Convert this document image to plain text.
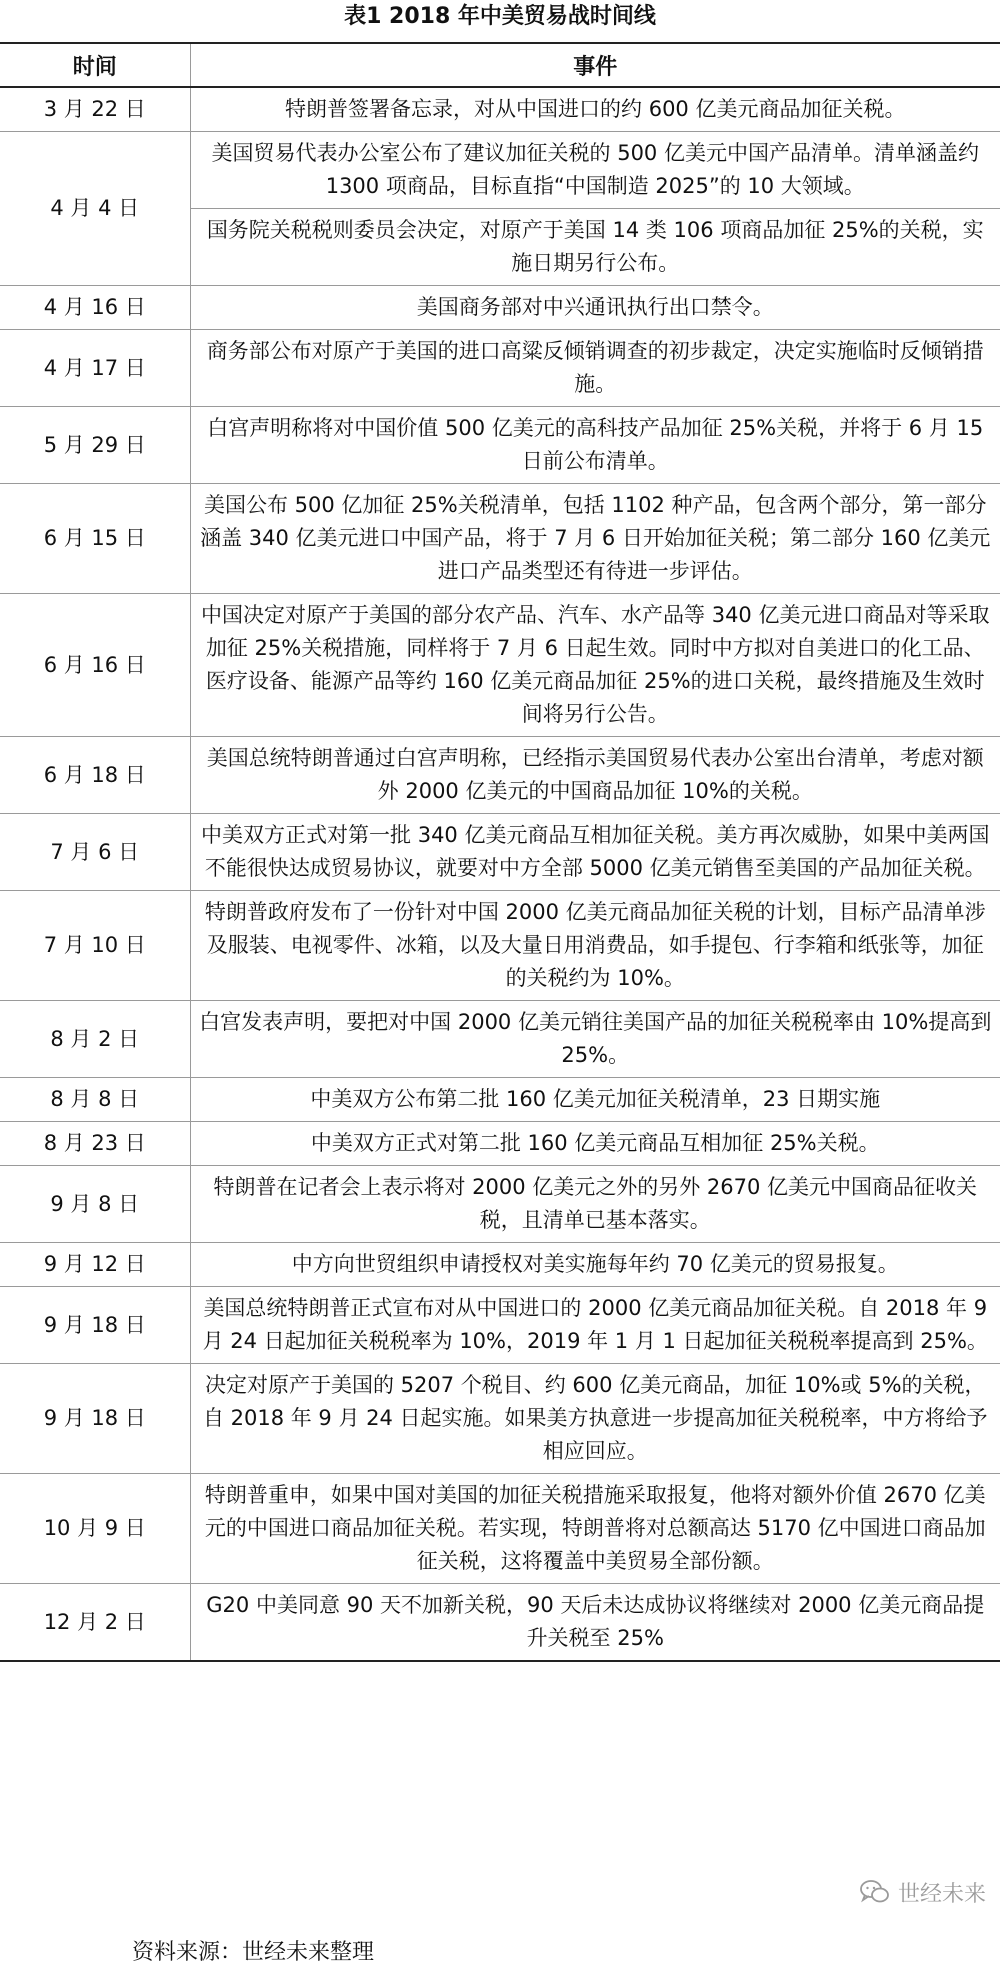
表1 2018 年中美贸易战时间线
时间	事件
3 月 22 日	特朗普签署备忘录，对从中国进口的约 600 亿美元商品加征关税。
4 月 4 日	美国贸易代表办公室公布了建议加征关税的 500 亿美元中国产品清单。清单涵盖约 1300 项商品，目标直指“中国制造 2025”的 10 大领域。
	国务院关税税则委员会决定，对原产于美国 14 类 106 项商品加征 25%的关税，实施日期另行公布。
4 月 16 日	美国商务部对中兴通讯执行出口禁令。
4 月 17 日	商务部公布对原产于美国的进口高粱反倾销调查的初步裁定，决定实施临时反倾销措施。
5 月 29 日	白宫声明称将对中国价值 500 亿美元的高科技产品加征 25%关税，并将于 6 月 15 日前公布清单。
6 月 15 日	美国公布 500 亿加征 25%关税清单，包括 1102 种产品，包含两个部分，第一部分涵盖 340 亿美元进口中国产品，将于 7 月 6 日开始加征关税；第二部分 160 亿美元进口产品类型还有待进一步评估。
6 月 16 日	中国决定对原产于美国的部分农产品、汽车、水产品等 340 亿美元进口商品对等采取加征 25%关税措施，同样将于 7 月 6 日起生效。同时中方拟对自美进口的化工品、医疗设备、能源产品等约 160 亿美元商品加征 25%的进口关税，最终措施及生效时间将另行公告。
6 月 18 日	美国总统特朗普通过白宫声明称，已经指示美国贸易代表办公室出台清单，考虑对额外 2000 亿美元的中国商品加征 10%的关税。
7 月 6 日	中美双方正式对第一批 340 亿美元商品互相加征关税。美方再次威胁，如果中美两国不能很快达成贸易协议，就要对中方全部 5000 亿美元销售至美国的产品加征关税。
7 月 10 日	特朗普政府发布了一份针对中国 2000 亿美元商品加征关税的计划，目标产品清单涉及服装、电视零件、冰箱，以及大量日用消费品，如手提包、行李箱和纸张等，加征的关税约为 10%。
8 月 2 日	白宫发表声明，要把对中国 2000 亿美元销往美国产品的加征关税税率由 10%提高到 25%。
8 月 8 日	中美双方公布第二批 160 亿美元加征关税清单，23 日期实施
8 月 23 日	中美双方正式对第二批 160 亿美元商品互相加征 25%关税。
9 月 8 日	特朗普在记者会上表示将对 2000 亿美元之外的另外 2670 亿美元中国商品征收关税，且清单已基本落实。
9 月 12 日	中方向世贸组织申请授权对美实施每年约 70 亿美元的贸易报复。
9 月 18 日	美国总统特朗普正式宣布对从中国进口的 2000 亿美元商品加征关税。自 2018 年 9 月 24 日起加征关税税率为 10%，2019 年 1 月 1 日起加征关税税率提高到 25%。
9 月 18 日	决定对原产于美国的 5207 个税目、约 600 亿美元商品，加征 10%或 5%的关税，自 2018 年 9 月 24 日起实施。如果美方执意进一步提高加征关税税率，中方将给予相应回应。
10 月 9 日	特朗普重申，如果中国对美国的加征关税措施采取报复，他将对额外价值 2670 亿美元的中国进口商品加征关税。若实现，特朗普将对总额高达 5170 亿中国进口商品加征关税，这将覆盖中美贸易全部份额。
12 月 2 日	G20 中美同意 90 天不加新关税，90 天后未达成协议将继续对 2000 亿美元商品提升关税至 25%
世经未来
资料来源：世经未来整理
